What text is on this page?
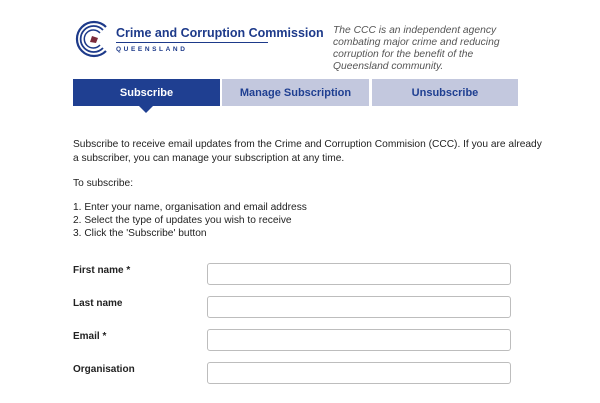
Crime and Corruption Commission
QUEENSLAND
The CCC is an independent agency combating major crime and reducing corruption for the benefit of the Queensland community.
Subscribe	Manage Subscription	Unsubscribe
Subscribe to receive email updates from the Crime and Corruption Commision (CCC). If you are already
a subscriber, you can manage your subscription at any time.
To subscribe:
1. Enter your name, organisation and email address
2. Select the type of updates you wish to receive
3. Click the 'Subscribe' button
First name *
Last name
Email *
Organisation
